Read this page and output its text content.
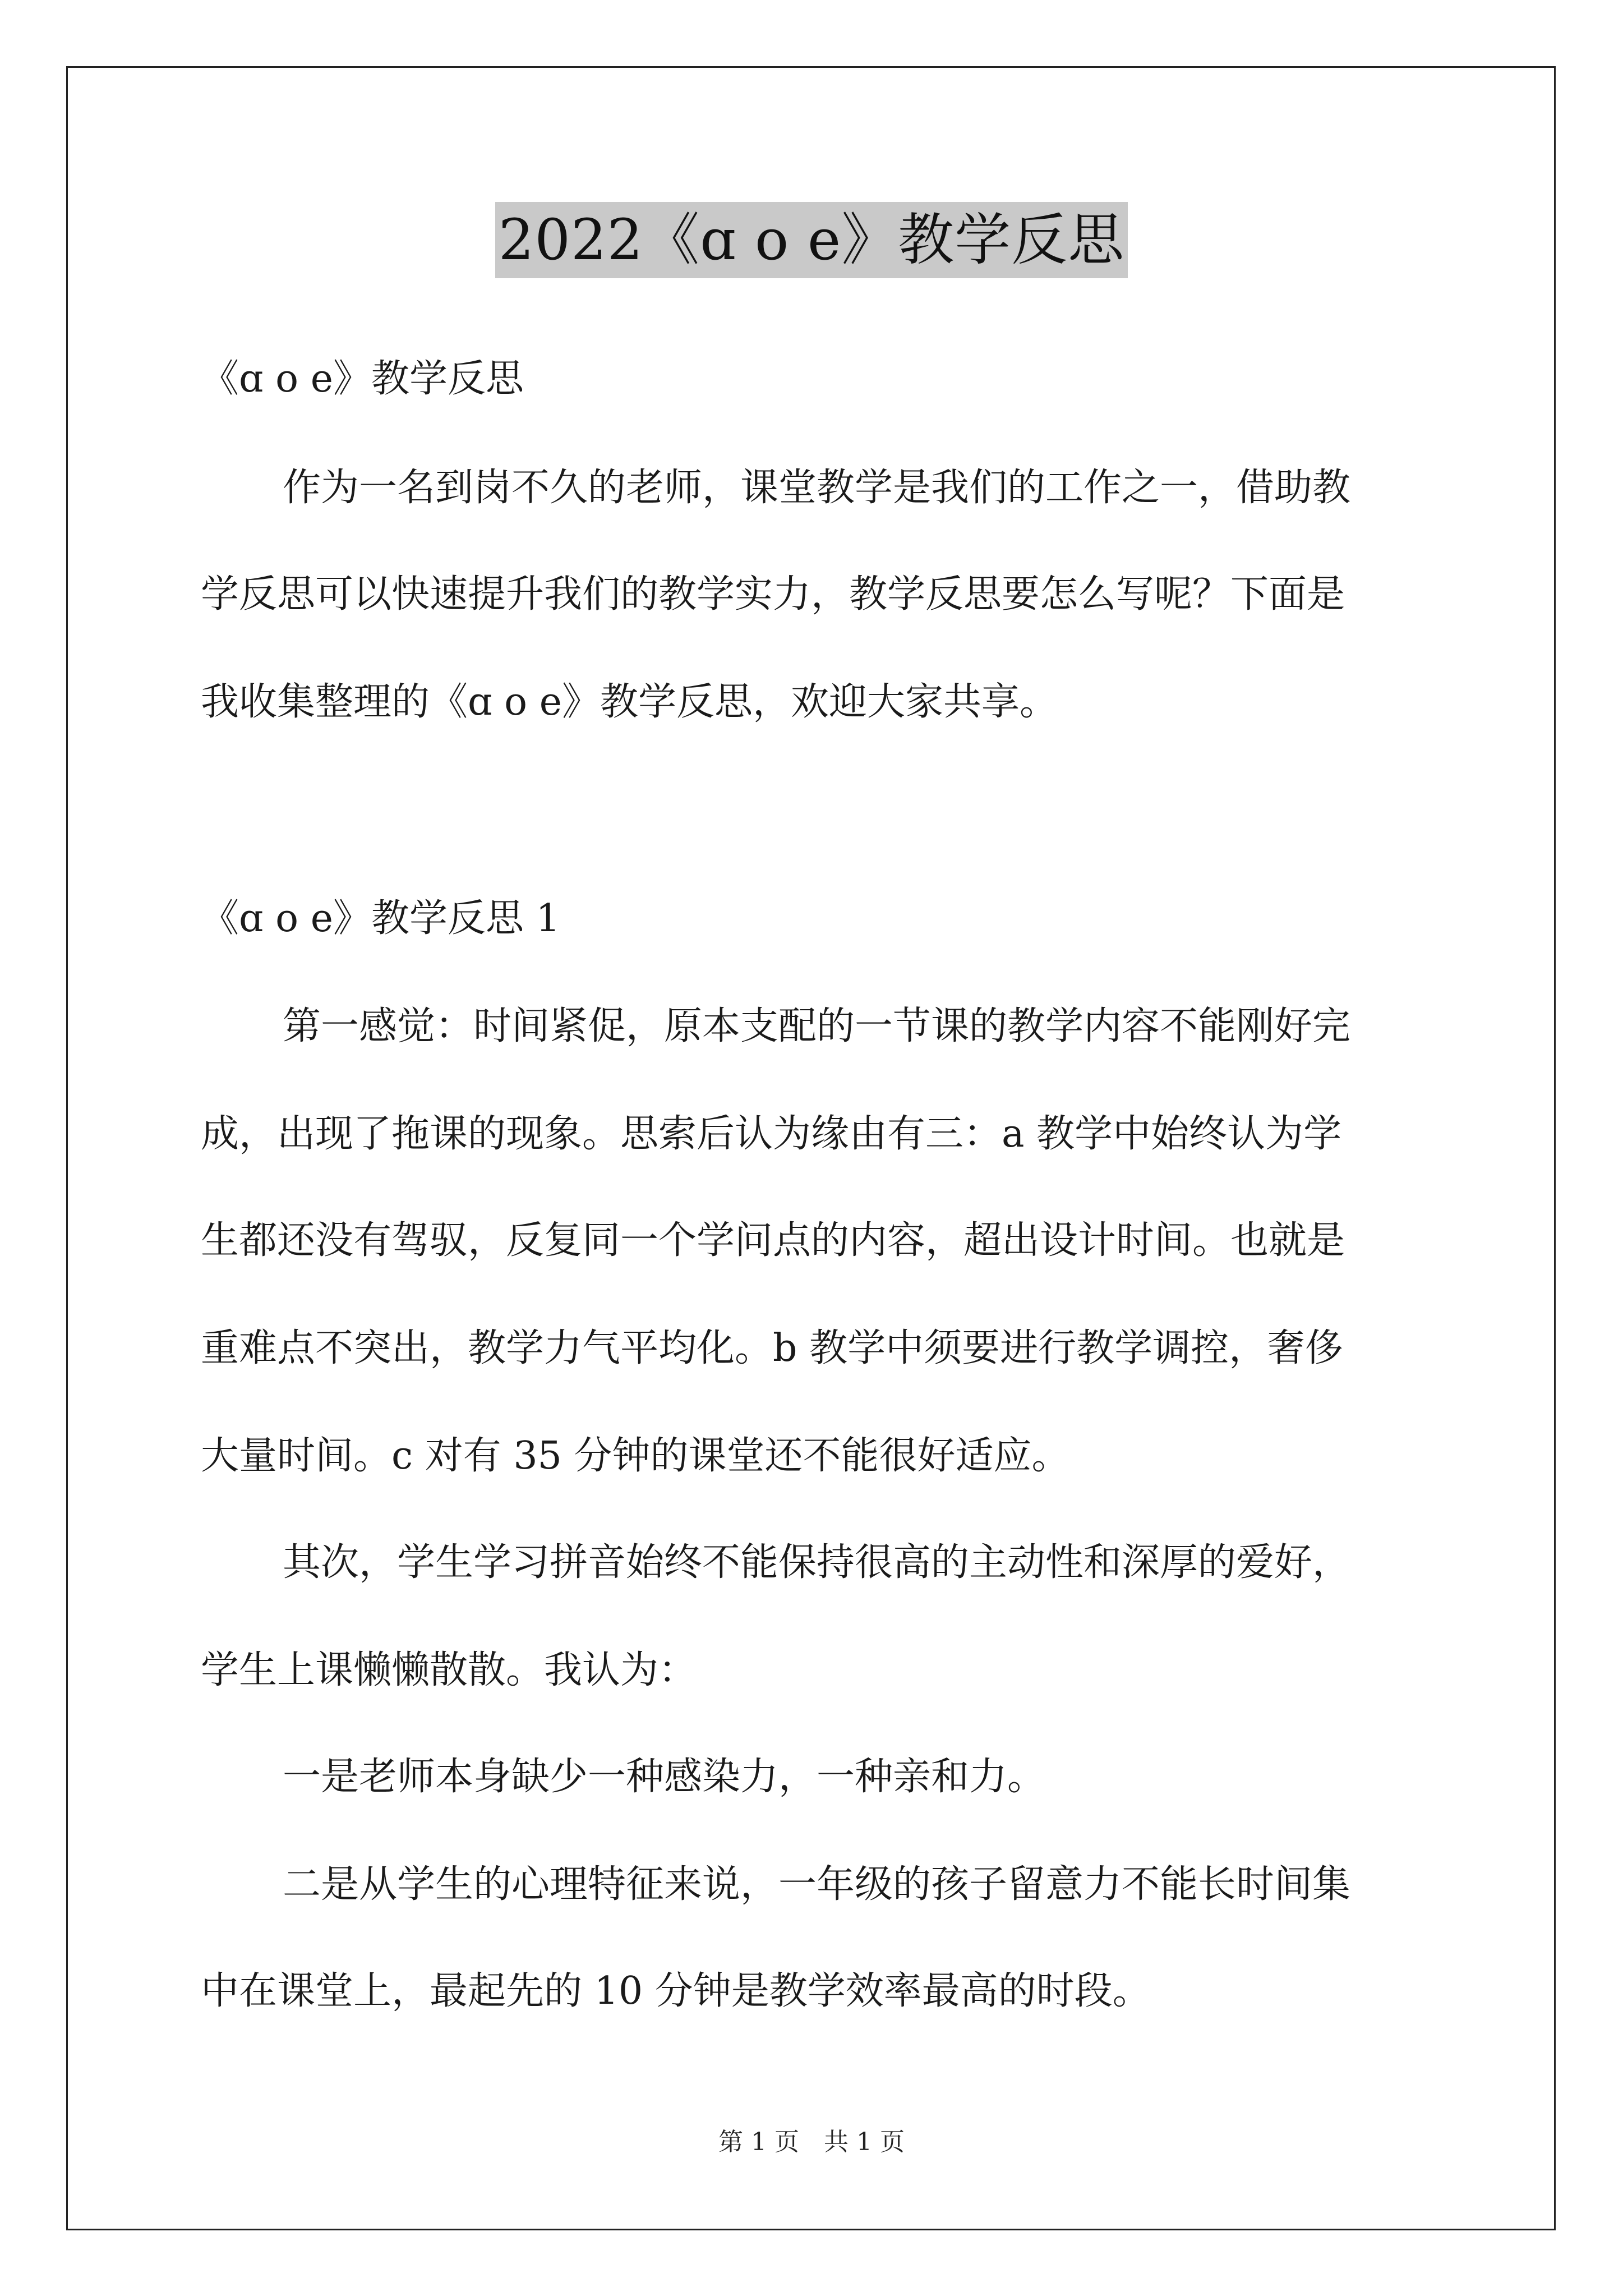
2022《ɑ o e》教学反思
《ɑ o e》教学反思
作为一名到岗不久的老师，课堂教学是我们的工作之一，借助教
学反思可以快速提升我们的教学实力，教学反思要怎么写呢？下面是
我收集整理的《ɑ o e》教学反思，欢迎大家共享。
《ɑ o e》教学反思 1
第一感觉：时间紧促，原本支配的一节课的教学内容不能刚好完
成，出现了拖课的现象。思索后认为缘由有三：a 教学中始终认为学
生都还没有驾驭，反复同一个学问点的内容，超出设计时间。也就是
重难点不突出，教学力气平均化。b 教学中须要进行教学调控，奢侈
大量时间。c 对有 35 分钟的课堂还不能很好适应。
其次，学生学习拼音始终不能保持很高的主动性和深厚的爱好，
学生上课懒懒散散。我认为：
一是老师本身缺少一种感染力，一种亲和力。
二是从学生的心理特征来说，一年级的孩子留意力不能长时间集
中在课堂上，最起先的 10 分钟是教学效率最高的时段。
第 1 页　共 1 页
